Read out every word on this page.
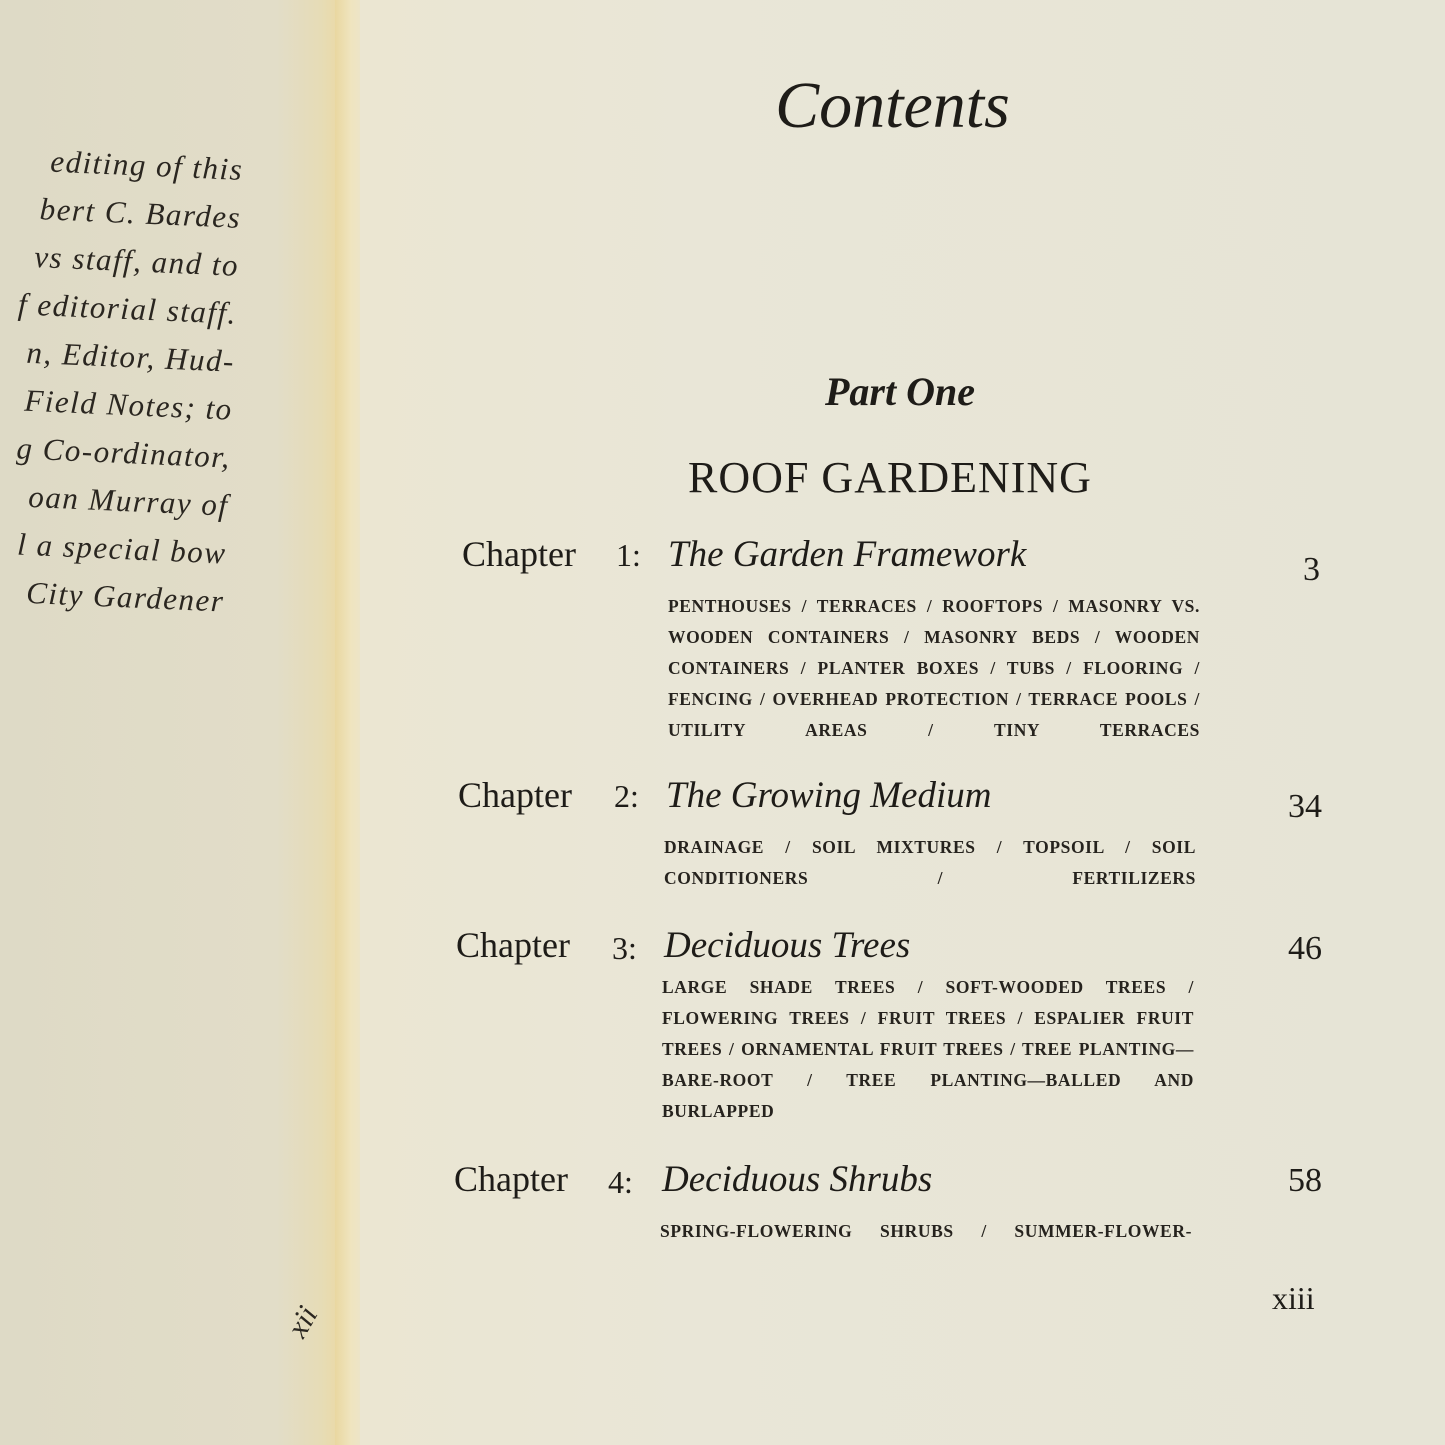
editing of this
bert C. Bardes
vs staff, and to
f editorial staff.
n, Editor, Hud-
Field Notes; to
g Co-ordinator,
oan Murray of
l a special bow
City Gardener
xii
Contents
Part One
ROOF GARDENING
Chapter 1: The Garden Framework	3
PENTHOUSES / TERRACES / ROOFTOPS / MASONRY VS. WOODEN CONTAINERS / MASONRY BEDS / WOODEN CONTAINERS / PLANTER BOXES / TUBS / FLOORING / FENCING / OVERHEAD PROTECTION / TERRACE POOLS / UTILITY AREAS / TINY TERRACES
Chapter 2: The Growing Medium	34
DRAINAGE / SOIL MIXTURES / TOPSOIL / SOIL CONDITIONERS / FERTILIZERS
Chapter 3: Deciduous Trees	46
LARGE SHADE TREES / SOFT-WOODED TREES / FLOWERING TREES / FRUIT TREES / ESPALIER FRUIT TREES / ORNAMENTAL FRUIT TREES / TREE PLANTING—BARE-ROOT / TREE PLANTING—BALLED AND BURLAPPED
Chapter 4: Deciduous Shrubs	58
SPRING-FLOWERING SHRUBS / SUMMER-FLOWER-
xiii
